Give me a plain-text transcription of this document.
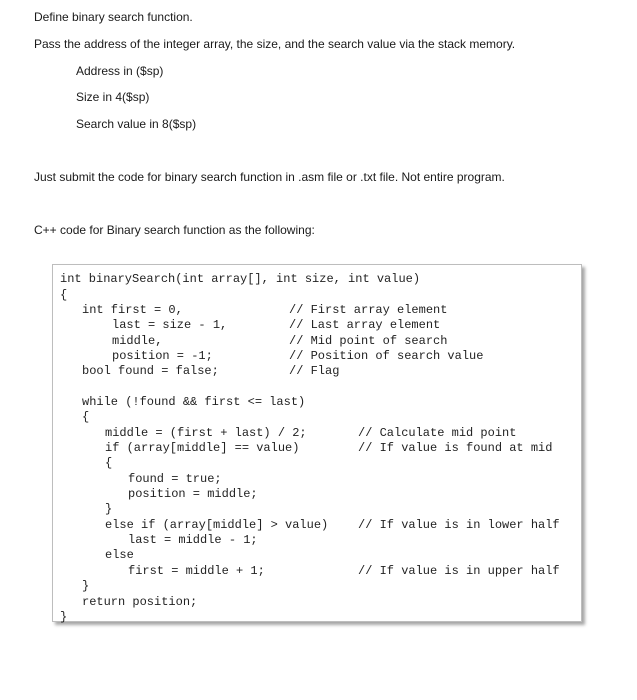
Define binary search function.
Pass the address of the integer array, the size, and the search value via the stack memory.
Address in ($sp)
Size in 4($sp)
Search value in 8($sp)
Just submit the code for binary search function in .asm file or .txt file. Not entire program.
C++ code for Binary search function as the following:
int binarySearch(int array[], int size, int value)
{
int first = 0,
last = size - 1,
middle,
position = -1;
bool found = false;
while (!found && first <= last)
{
middle = (first + last) / 2;
if (array[middle] == value)
{
found = true;
position = middle;
}
else if (array[middle] > value)
last = middle - 1;
else
first = middle + 1;
}
return position;
}
// First array element
// Last array element
// Mid point of search
// Position of search value
// Flag
// Calculate mid point
// If value is found at mid
// If value is in lower half
// If value is in upper half
